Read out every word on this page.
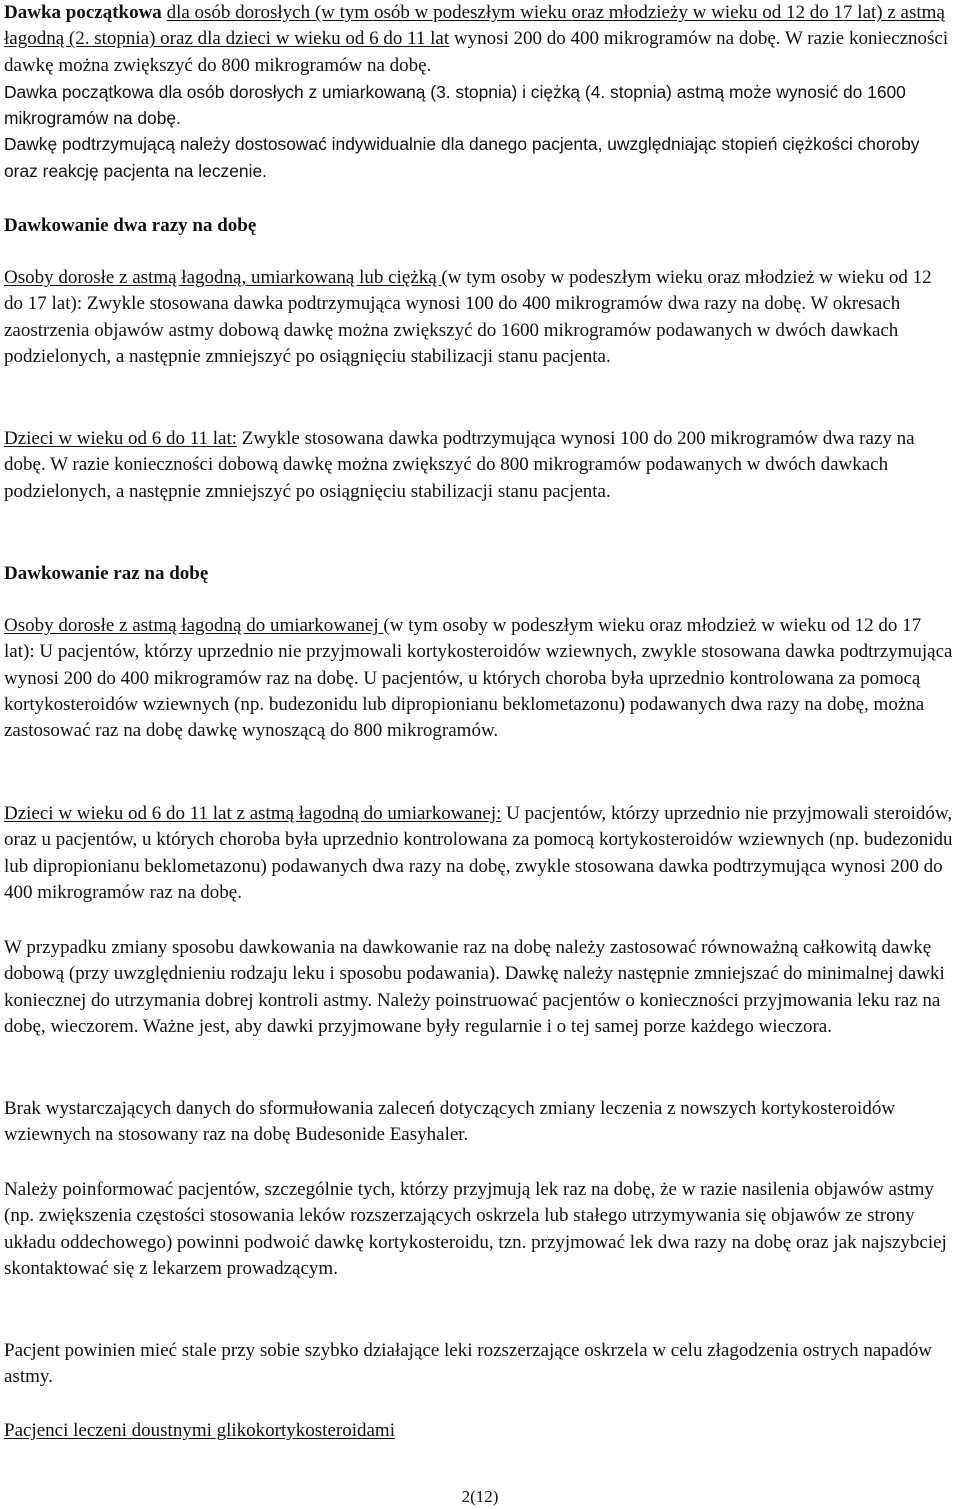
Dawka początkowa dla osób dorosłych (w tym osób w podeszłym wieku oraz młodzieży w wieku od 12 do 17 lat) z astmą łagodną (2. stopnia) oraz dla dzieci w wieku od 6 do 11 lat wynosi 200 do 400 mikrogramów na dobę. W razie konieczności dawkę można zwiększyć do 800 mikrogramów na dobę.

Dawka początkowa dla osób dorosłych z umiarkowaną (3. stopnia) i ciężką (4. stopnia) astmą może wynosić do 1600 mikrogramów na dobę.

Dawkę podtrzymującą należy dostosować indywidualnie dla danego pacjenta, uwzględniając stopień ciężkości choroby oraz reakcję pacjenta na leczenie.

Dawkowanie dwa razy na dobę

Osoby dorosłe z astmą łagodną, umiarkowaną lub ciężką (w tym osoby w podeszłym wieku oraz młodzież w wieku od 12 do 17 lat): Zwykle stosowana dawka podtrzymująca wynosi 100 do 400 mikrogramów dwa razy na dobę. W okresach zaostrzenia objawów astmy dobową dawkę można zwiększyć do 1600 mikrogramów podawanych w dwóch dawkach podzielonych, a następnie zmniejszyć po osiągnięciu stabilizacji stanu pacjenta.

Dzieci w wieku od 6 do 11 lat: Zwykle stosowana dawka podtrzymująca wynosi 100 do 200 mikrogramów dwa razy na dobę. W razie konieczności dobową dawkę można zwiększyć do 800 mikrogramów podawanych w dwóch dawkach podzielonych, a następnie zmniejszyć po osiągnięciu stabilizacji stanu pacjenta.

Dawkowanie raz na dobę

Osoby dorosłe z astmą łagodną do umiarkowanej (w tym osoby w podeszłym wieku oraz młodzież w wieku od 12 do 17 lat): U pacjentów, którzy uprzednio nie przyjmowali kortykosteroidów wziewnych, zwykle stosowana dawka podtrzymująca wynosi 200 do 400 mikrogramów raz na dobę. U pacjentów, u których choroba była uprzednio kontrolowana za pomocą kortykosteroidów wziewnych (np. budezonidu lub dipropionianu beklometazonu) podawanych dwa razy na dobę, można zastosować raz na dobę dawkę wynoszącą do 800 mikrogramów.

Dzieci w wieku od 6 do 11 lat z astmą łagodną do umiarkowanej: U pacjentów, którzy uprzednio nie przyjmowali steroidów, oraz u pacjentów, u których choroba była uprzednio kontrolowana za pomocą kortykosteroidów wziewnych (np. budezonidu lub dipropionianu beklometazonu) podawanych dwa razy na dobę, zwykle stosowana dawka podtrzymująca wynosi 200 do 400 mikrogramów raz na dobę.

W przypadku zmiany sposobu dawkowania na dawkowanie raz na dobę należy zastosować równoważną całkowitą dawkę dobową (przy uwzględnieniu rodzaju leku i sposobu podawania). Dawkę należy następnie zmniejszać do minimalnej dawki koniecznej do utrzymania dobrej kontroli astmy. Należy poinstruować pacjentów o konieczności przyjmowania leku raz na dobę, wieczorem. Ważne jest, aby dawki przyjmowane były regularnie i o tej samej porze każdego wieczora.

Brak wystarczających danych do sformułowania zaleceń dotyczących zmiany leczenia z nowszych kortykosteroidów wziewnych na stosowany raz na dobę Budesonide Easyhaler.

Należy poinformować pacjentów, szczególnie tych, którzy przyjmują lek raz na dobę, że w razie nasilenia objawów astmy (np. zwiększenia częstości stosowania leków rozszerzających oskrzela lub stałego utrzymywania się objawów ze strony układu oddechowego) powinni podwoić dawkę kortykosteroidu, tzn. przyjmować lek dwa razy na dobę oraz jak najszybciej skontaktować się z lekarzem prowadzącym.

Pacjent powinien mieć stale przy sobie szybko działające leki rozszerzające oskrzela w celu złagodzenia ostrych napadów astmy.

Pacjenci leczeni doustnymi glikokortykosteroidami

2(12)
